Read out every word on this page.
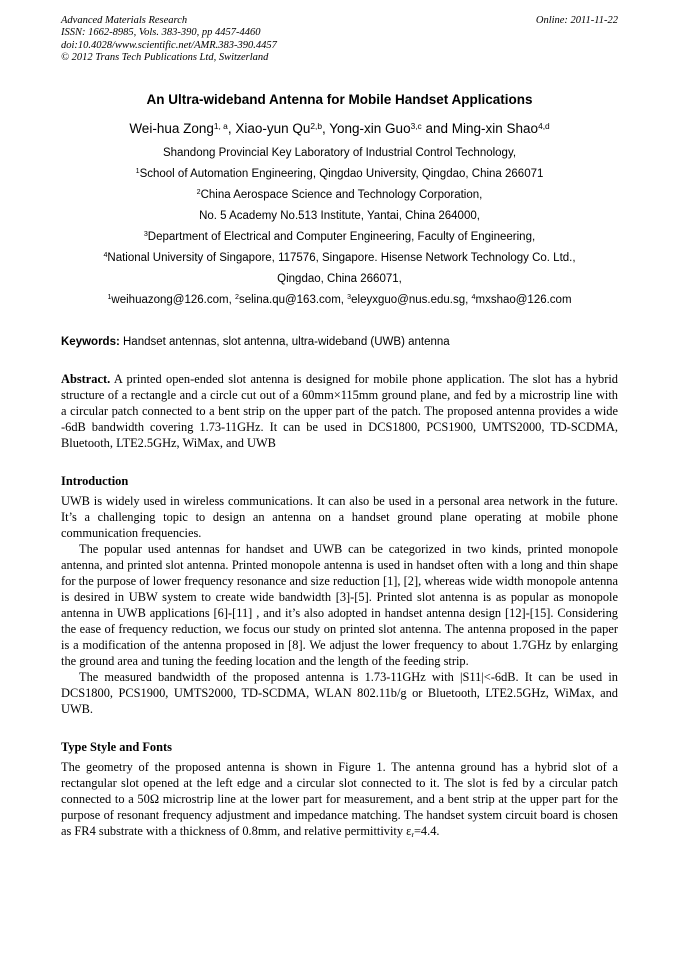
Advanced Materials Research	Online: 2011-11-22
ISSN: 1662-8985, Vols. 383-390, pp 4457-4460
doi:10.4028/www.scientific.net/AMR.383-390.4457
© 2012 Trans Tech Publications Ltd, Switzerland
An Ultra-wideband Antenna for Mobile Handset Applications
Wei-hua Zong$^{1, a}$, Xiao-yun Qu$^{2,b}$, Yong-xin Guo$^{3,c}$ and Ming-xin Shao$^{4,d}$
Shandong Provincial Key Laboratory of Industrial Control Technology,
$^1$School of Automation Engineering, Qingdao University, Qingdao, China 266071
$^2$China Aerospace Science and Technology Corporation,
No. 5 Academy No.513 Institute, Yantai, China 264000,
$^3$Department of Electrical and Computer Engineering, Faculty of Engineering,
$^4$National University of Singapore, 117576, Singapore. Hisense Network Technology Co. Ltd.,
Qingdao, China 266071,
$^1$weihuazong@126.com, $^2$selina.qu@163.com, $^3$eleyxguo@nus.edu.sg, $^4$mxshao@126.com
Keywords: Handset antennas, slot antenna, ultra-wideband (UWB) antenna

Abstract. A printed open-ended slot antenna is designed for mobile phone application. The slot has a hybrid structure of a rectangle and a circle cut out of a 60mm×115mm ground plane, and fed by a microstrip line with a circular patch connected to a bent strip on the upper part of the patch. The proposed antenna provides a wide -6dB bandwidth covering 1.73-11GHz. It can be used in DCS1800, PCS1900, UMTS2000, TD-SCDMA, Bluetooth, LTE2.5GHz, WiMax, and UWB

Introduction

UWB is widely used in wireless communications. It can also be used in a personal area network in the future. It’s a challenging topic to design an antenna on a handset ground plane operating at mobile phone communication frequencies.

The popular used antennas for handset and UWB can be categorized in two kinds, printed monopole antenna, and printed slot antenna. Printed monopole antenna is used in handset often with a long and thin shape for the purpose of lower frequency resonance and size reduction [1], [2], whereas wide width monopole antenna is desired in UBW system to create wide bandwidth [3]-[5]. Printed slot antenna is as popular as monopole antenna in UWB applications [6]-[11] , and it’s also adopted in handset antenna design [12]-[15]. Considering the ease of frequency reduction, we focus our study on printed slot antenna. The antenna proposed in the paper is a modification of the antenna proposed in [8]. We adjust the lower frequency to about 1.7GHz by enlarging the ground area and tuning the feeding location and the length of the feeding strip.

The measured bandwidth of the proposed antenna is 1.73-11GHz with |S11|<-6dB. It can be used in DCS1800, PCS1900, UMTS2000, TD-SCDMA, WLAN 802.11b/g or Bluetooth, LTE2.5GHz, WiMax, and UWB.

Type Style and Fonts

The geometry of the proposed antenna is shown in Figure 1. The antenna ground has a hybrid slot of a rectangular slot opened at the left edge and a circular slot connected to it. The slot is fed by a circular patch connected to a 50Ω microstrip line at the lower part for measurement, and a bent strip at the upper part for the purpose of resonant frequency adjustment and impedance matching. The handset system circuit board is chosen as FR4 substrate with a thickness of 0.8mm, and relative permittivity $\varepsilon_r=4.4$.
